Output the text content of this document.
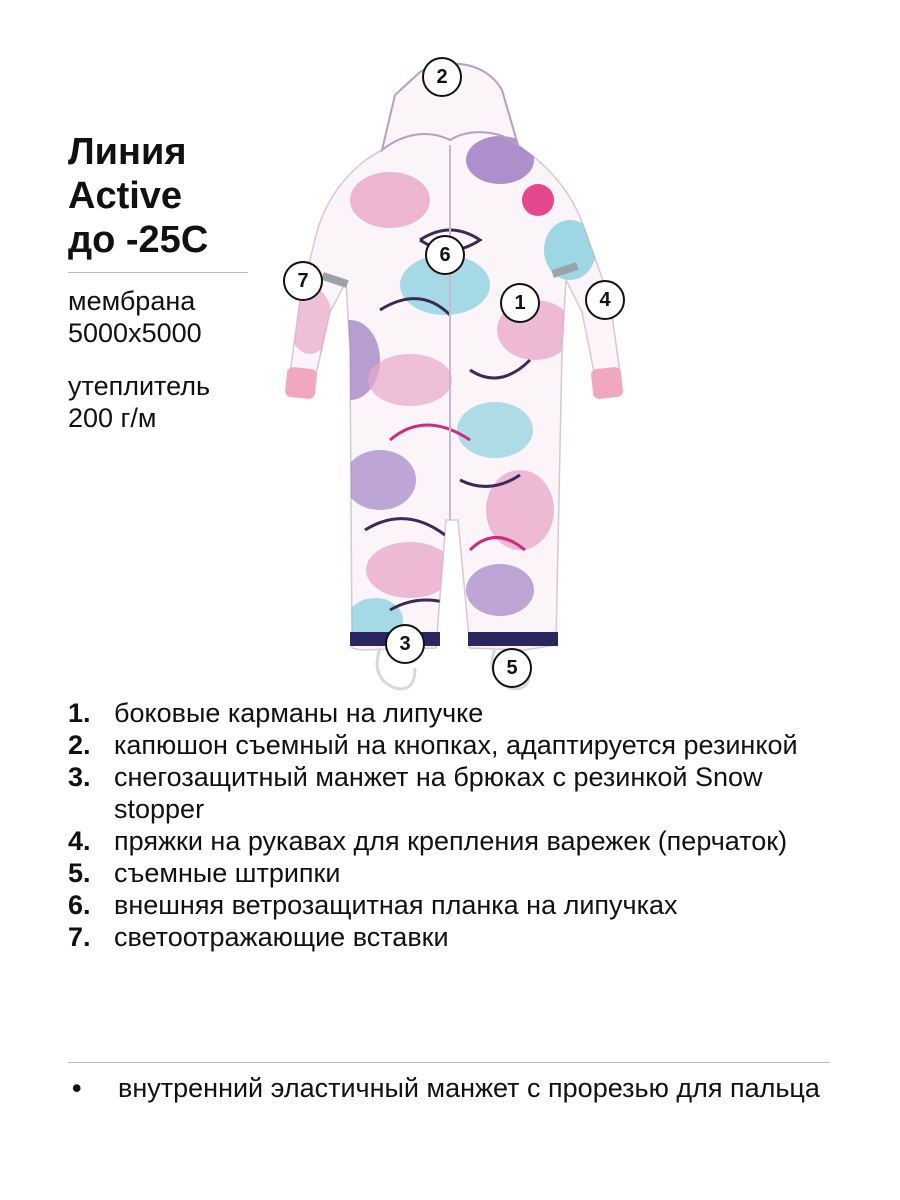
Линия
Active
до -25С
мембрана
5000х5000
утеплитель
200 г/м
2
6
7
1	4
3
5
1. боковые карманы на липучке
2. капюшон съемный на кнопках, адаптируется резинкой
3. снегозащитный манжет на брюках с резинкой Snow stopper
4. пряжки на рукавах для крепления варежек (перчаток)
5. съемные штрипки
6. внешняя ветрозащитная планка на липучках
7. светоотражающие вставки
•	внутренний эластичный манжет с прорезью для пальца
